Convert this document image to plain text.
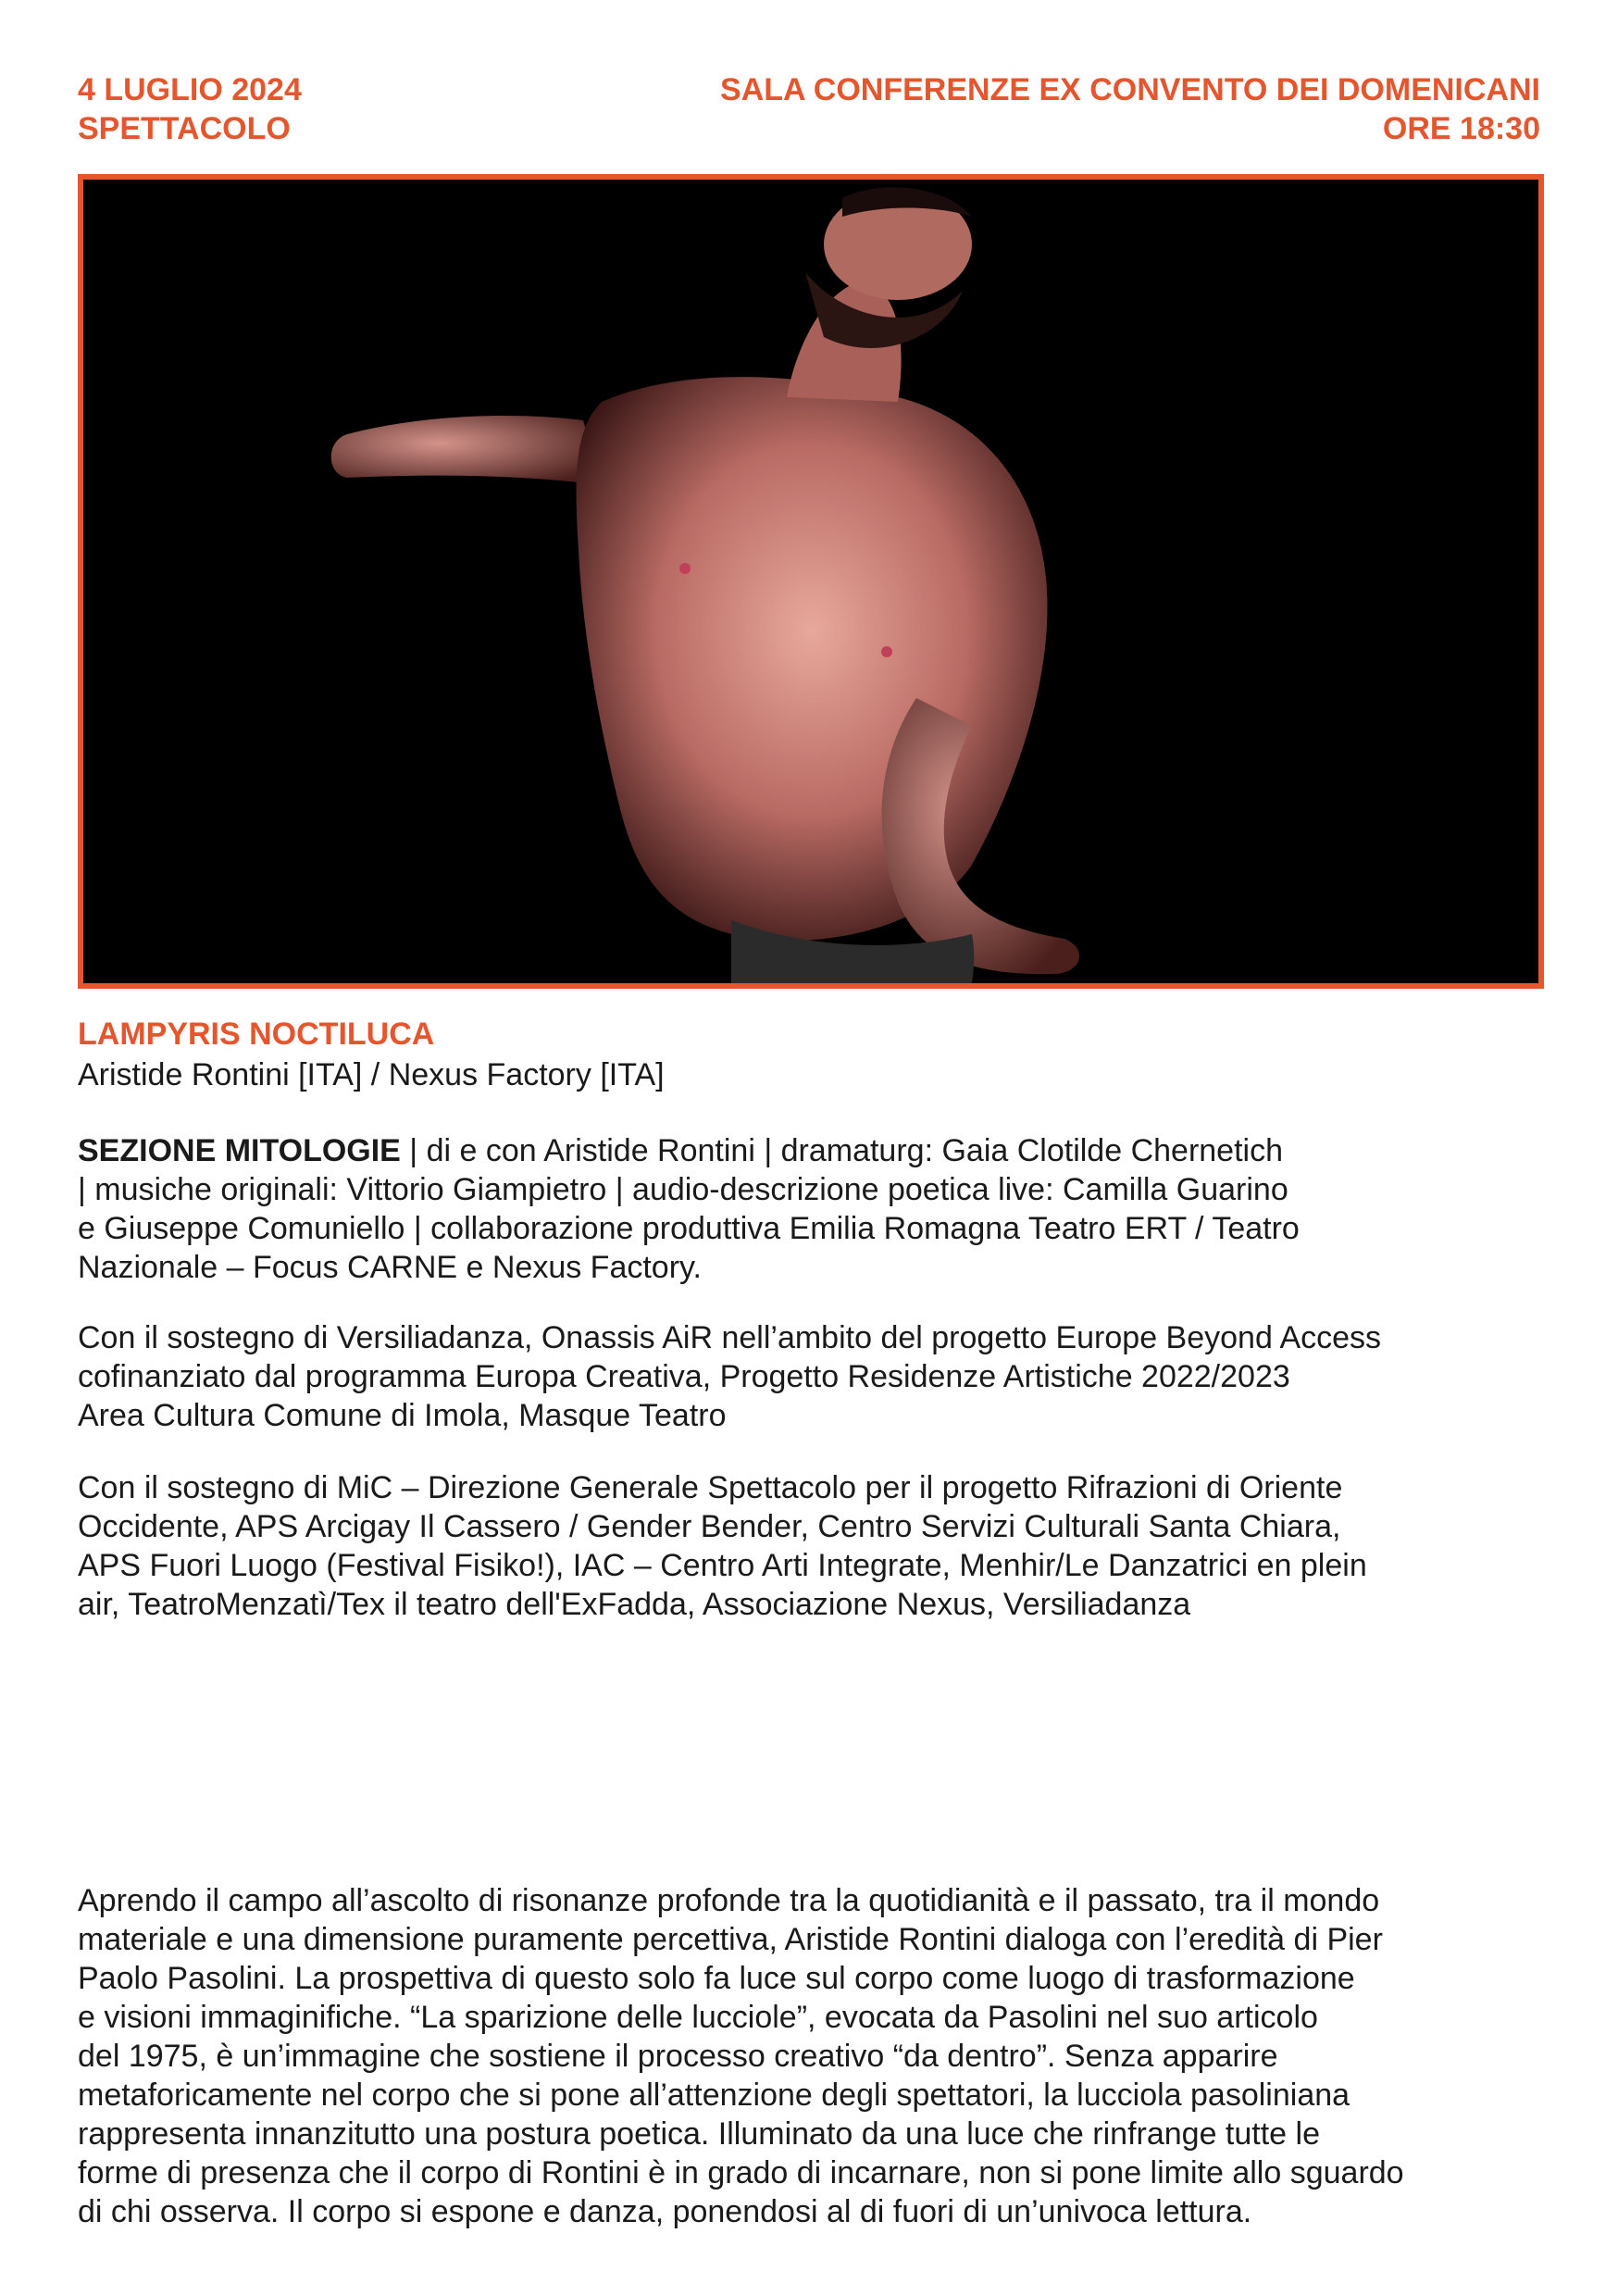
4 LUGLIO 2024
SPETTACOLO
SALA CONFERENZE EX CONVENTO DEI DOMENICANI
ORE 18:30
LAMPYRIS NOCTILUCA
Aristide Rontini [ITA] / Nexus Factory [ITA]
SEZIONE MITOLOGIE | di e con Aristide Rontini | dramaturg: Gaia Clotilde Chernetich
| musiche originali: Vittorio Giampietro | audio-descrizione poetica live: Camilla Guarino
e Giuseppe Comuniello | collaborazione produttiva Emilia Romagna Teatro ERT / Teatro
Nazionale – Focus CARNE e Nexus Factory.
Con il sostegno di Versiliadanza, Onassis AiR nell’ambito del progetto Europe Beyond Access
cofinanziato dal programma Europa Creativa, Progetto Residenze Artistiche 2022/2023
Area Cultura Comune di Imola, Masque Teatro
Con il sostegno di MiC – Direzione Generale Spettacolo per il progetto Rifrazioni di Oriente
Occidente, APS Arcigay Il Cassero / Gender Bender, Centro Servizi Culturali Santa Chiara,
APS Fuori Luogo (Festival Fisiko!), IAC – Centro Arti Integrate, Menhir/Le Danzatrici en plein
air, TeatroMenzatì/Tex il teatro dell'ExFadda, Associazione Nexus, Versiliadanza
Aprendo il campo all’ascolto di risonanze profonde tra la quotidianità e il passato, tra il mondo
materiale e una dimensione puramente percettiva, Aristide Rontini dialoga con l’eredità di Pier
Paolo Pasolini. La prospettiva di questo solo fa luce sul corpo come luogo di trasformazione
e visioni immaginifiche. “La sparizione delle lucciole”, evocata da Pasolini nel suo articolo
del 1975, è un’immagine che sostiene il processo creativo “da dentro”. Senza apparire
metaforicamente nel corpo che si pone all’attenzione degli spettatori, la lucciola pasoliniana
rappresenta innanzitutto una postura poetica. Illuminato da una luce che rinfrange tutte le
forme di presenza che il corpo di Rontini è in grado di incarnare, non si pone limite allo sguardo
di chi osserva. Il corpo si espone e danza, ponendosi al di fuori di un’univoca lettura.
